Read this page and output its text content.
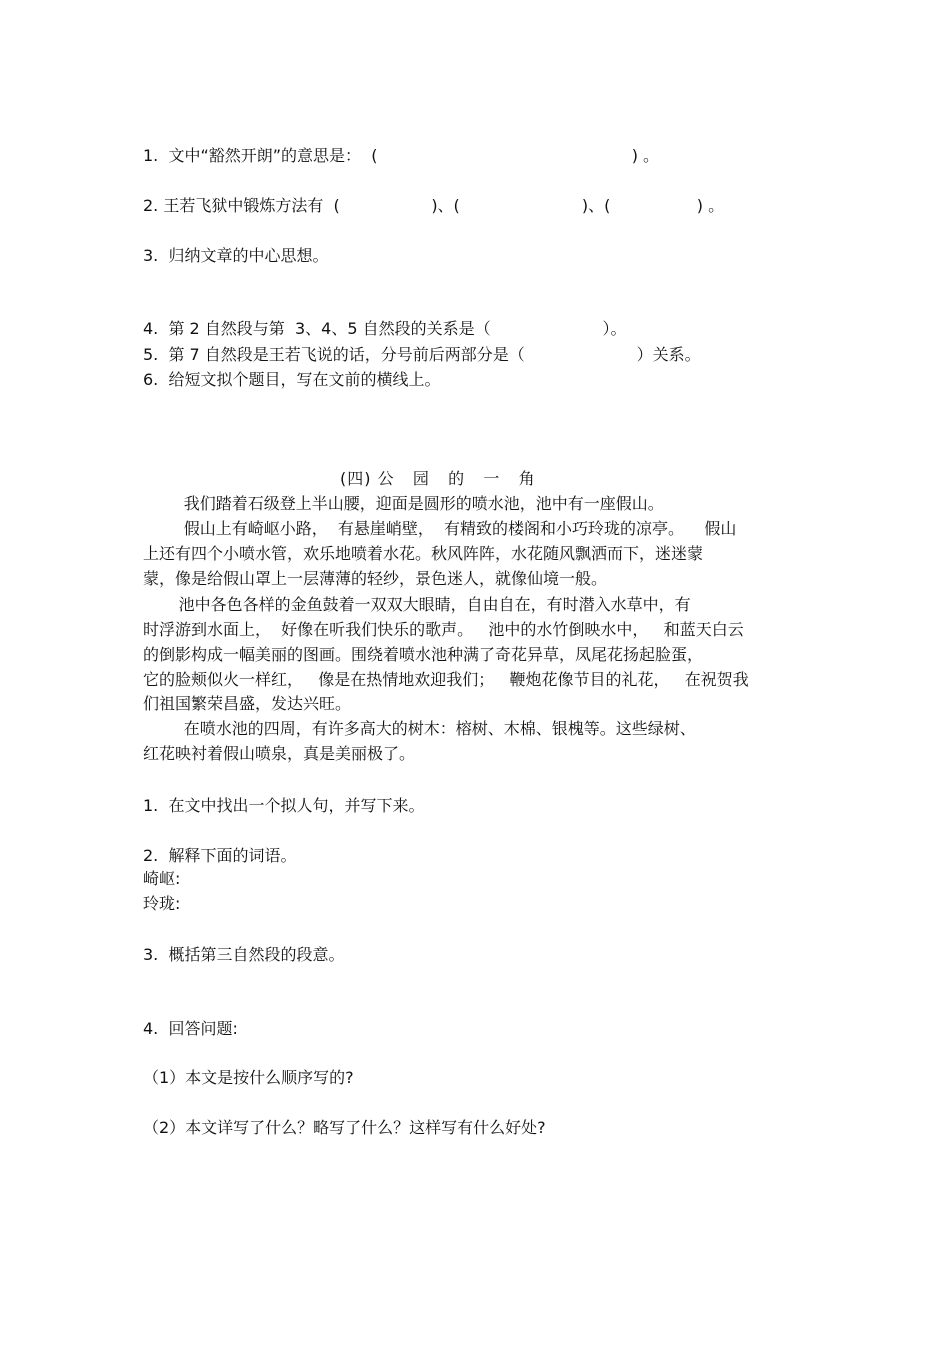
1.  文中“豁然开朗”的意思是：  (                                                  ) 。
2. 王若飞狱中锻炼方法有  (                  )、(                        )、(                 ) 。
3.  归纳文章的中心思想。
4.  第 2 自然段与第  3、4、5 自然段的关系是（                      ）。
5.  第 7 自然段是王若飞说的话，分号前后两部分是（                      ）关系。
6.  给短文拟个题目，写在文前的横线上。
(四) 公   园   的   一   角
我们踏着石级登上半山腰，迎面是圆形的喷水池，池中有一座假山。
假山上有崎岖小路，  有悬崖峭壁，  有精致的楼阁和小巧玲珑的凉亭。    假山
上还有四个小喷水管，欢乐地喷着水花。秋风阵阵，水花随风飘洒而下，迷迷蒙
蒙，像是给假山罩上一层薄薄的轻纱，景色迷人，就像仙境一般。
池中各色各样的金鱼鼓着一双双大眼睛，自由自在，有时潜入水草中，有
时浮游到水面上，  好像在听我们快乐的歌声。   池中的水竹倒映水中，   和蓝天白云
的倒影构成一幅美丽的图画。围绕着喷水池种满了奇花异草，凤尾花扬起脸蛋，
它的脸颊似火一样红，   像是在热情地欢迎我们；   鞭炮花像节目的礼花，   在祝贺我
们祖国繁荣昌盛，发达兴旺。
在喷水池的四周，有许多高大的树木：榕树、木棉、银槐等。这些绿树、
红花映衬着假山喷泉，真是美丽极了。
1.  在文中找出一个拟人句，并写下来。
2.  解释下面的词语。
崎岖:
玲珑:
3.  概括第三自然段的段意。
4.  回答问题:
（1）本文是按什么顺序写的?
（2）本文详写了什么？略写了什么？这样写有什么好处?
